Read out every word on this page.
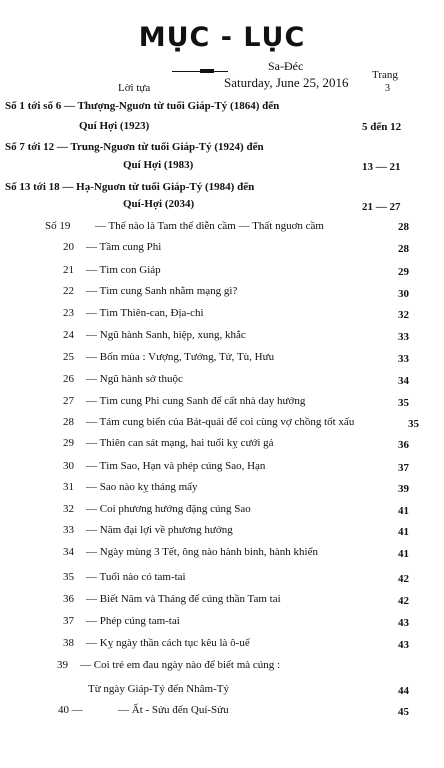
MỤC - LỤC
Sa-Đéc
Saturday, June 25, 2016 Trang
Lời tựa	3
Số 1 tới số 6 — Thượng-Nguơn từ tuổi Giáp-Tý (1864) đến
Quí Hợi (1923)	5 đến 12
Số 7 tới 12 — Trung-Nguơn từ tuổi Giáp-Tý (1924) đến
Quí Hợi (1983)	13 — 21
Số 13 tới 18 — Hạ-Nguơn từ tuổi Giáp-Tý (1984) đến
Quí-Hợi (2034)	21 — 27
Số 19 — Thế nào là Tam thế diễn cầm — Thất nguơn cầm	28
20 — Tầm cung Phi	28
21 — Tìm con Giáp	29
22 — Tìm cung Sanh nhằm mạng gì?	30
23 — Tìm Thiên-can, Địa-chi	32
24 — Ngũ hành Sanh, hiệp, xung, khắc	33
25 — Bốn mùa : Vượng, Tướng, Tử, Tù, Hưu	33
26 — Ngũ hành sở thuộc	34
27 — Tìm cung Phi cung Sanh để cất nhà day hướng	35
28 — Tám cung biến của Bát-quái để coi cùng vợ chồng tốt xấu	35
29 — Thiên can sát mạng, hai tuổi kỵ cưới gả	36
30 — Tìm Sao, Hạn và phép cúng Sao, Hạn	37
31 — Sao nào kỵ tháng mấy	39
32 — Coi phương hướng đặng cúng Sao	41
33 — Năm đại lợi về phương hướng	41
34 — Ngày mùng 3 Tết, ông nào hành binh, hành khiển	41
35 — Tuổi nào có tam-tai	42
36 — Biết Năm và Tháng để cúng thần Tam tai	42
37 — Phép cúng tam-tai	43
38 — Kỵ ngày thần cách tục kêu là ô-uế	43
39 — Coi trẻ em đau ngày nào để biết mà cúng :
Từ ngày Giáp-Tý đến Nhâm-Tý	44
40 —	— Ất - Sửu đến Quí-Sửu	45
